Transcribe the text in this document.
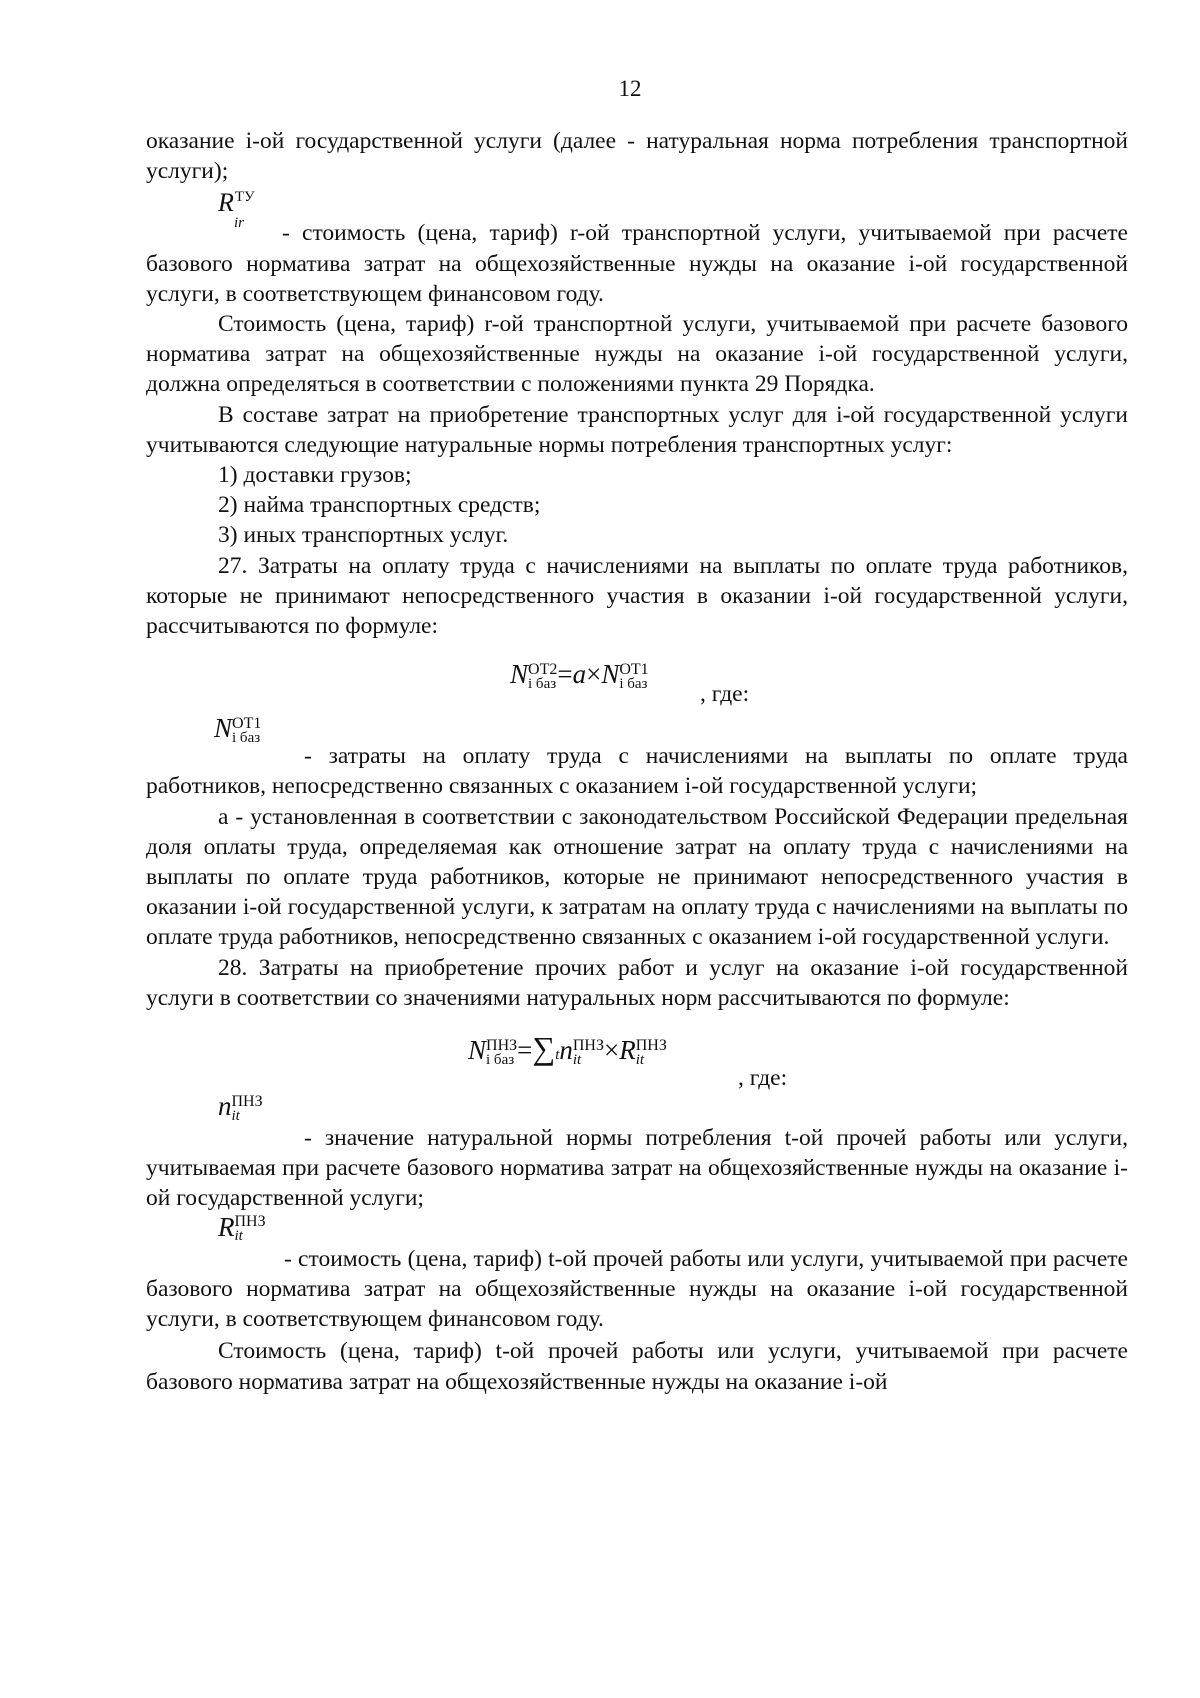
12

оказание i-ой государственной услуги (далее - натуральная норма потребления транспортной услуги);

$R^{ТУ}$
ir	- стоимость (цена, тариф) r-ой транспортной услуги, учитываемой при расчете базового норматива затрат на общехозяйственные нужды на оказание i-ой государственной услуги, в соответствующем финансовом году.

Стоимость (цена, тариф) r-ой транспортной услуги, учитываемой при расчете базового норматива затрат на общехозяйственные нужды на оказание i-ой государственной услуги, должна определяться в соответствии с положениями пункта 29 Порядка.

В составе затрат на приобретение транспортных услуг для i-ой государственной услуги учитываются следующие натуральные нормы потребления транспортных услуг:

1) доставки грузов;

2) найма транспортных средств;

3) иных транспортных услуг.

27. Затраты на оплату труда с начислениями на выплаты по оплате труда работников, которые не принимают непосредственного участия в оказании i-ой государственной услуги, рассчитываются по формуле:

N ОТ2
i баз =a×N ОТ1
i баз , где:
N ОТ1
i баз

- затраты на оплату труда с начислениями на выплаты по оплате труда работников, непосредственно связанных с оказанием i-ой государственной услуги;

a - установленная в соответствии с законодательством Российской Федерации предельная доля оплаты труда, определяемая как отношение затрат на оплату труда с начислениями на выплаты по оплате труда работников, которые не принимают непосредственного участия в оказании i-ой государственной услуги, к затратам на оплату труда с начислениями на выплаты по оплате труда работников, непосредственно связанных с оказанием i-ой государственной услуги.

28. Затраты на приобретение прочих работ и услуг на оказание i-ой государственной услуги в соответствии со значениями натуральных норм рассчитываются по формуле:

N ПНЗ
i баз =∑tn ПНЗ
it ×R ПНЗ
it
, где:
n ПНЗ
it

- значение натуральной нормы потребления t-ой прочей работы или услуги, учитываемая при расчете базового норматива затрат на общехозяйственные нужды на оказание i-ой государственной услуги;

R ПНЗ
it

- стоимость (цена, тариф) t-ой прочей работы или услуги, учитываемой при расчете базового норматива затрат на общехозяйственные нужды на оказание i-ой государственной услуги, в соответствующем финансовом году.

Стоимость (цена, тариф) t-ой прочей работы или услуги, учитываемой при расчете базового норматива затрат на общехозяйственные нужды на оказание i-ой
